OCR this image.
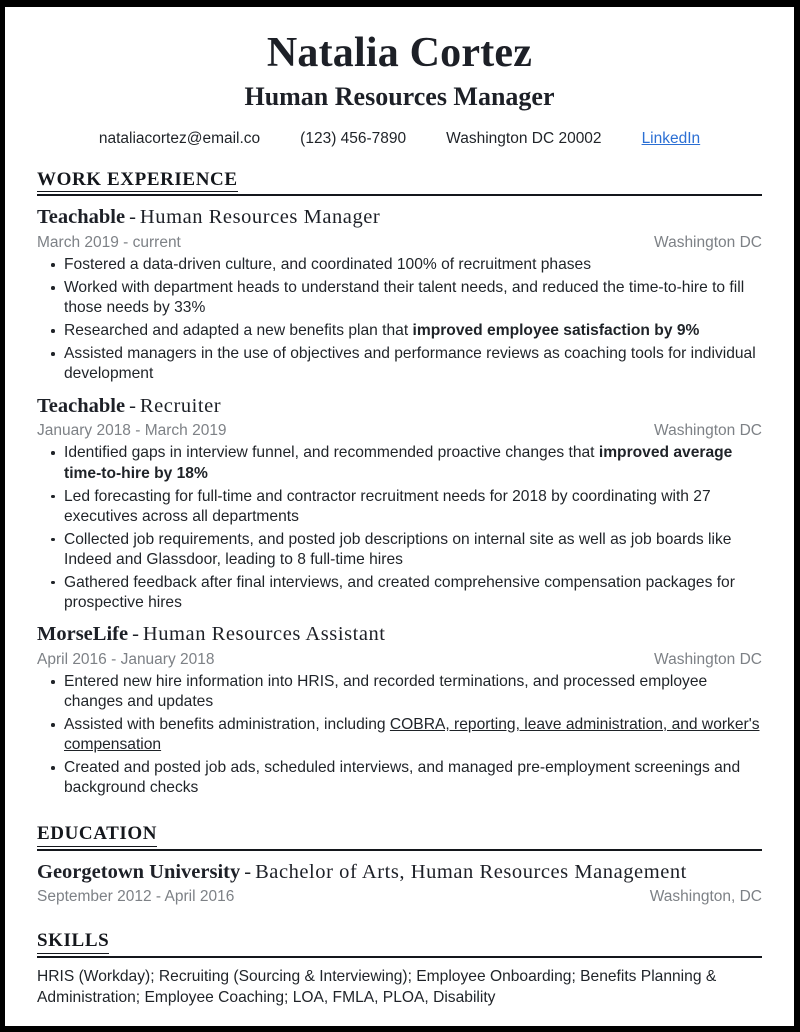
Natalia Cortez
Human Resources Manager
nataliacortez@email.co	(123) 456-7890	Washington DC 20002	LinkedIn
WORK EXPERIENCE
Teachable - Human Resources Manager
March 2019 - current	Washington DC
Fostered a data-driven culture, and coordinated 100% of recruitment phases
Worked with department heads to understand their talent needs, and reduced the time-to-hire to fill those needs by 33%
Researched and adapted a new benefits plan that improved employee satisfaction by 9%
Assisted managers in the use of objectives and performance reviews as coaching tools for individual development
Teachable - Recruiter
January 2018 - March 2019	Washington DC
Identified gaps in interview funnel, and recommended proactive changes that improved average time-to-hire by 18%
Led forecasting for full-time and contractor recruitment needs for 2018 by coordinating with 27 executives across all departments
Collected job requirements, and posted job descriptions on internal site as well as job boards like Indeed and Glassdoor, leading to 8 full-time hires
Gathered feedback after final interviews, and created comprehensive compensation packages for prospective hires
MorseLife - Human Resources Assistant
April 2016 - January 2018	Washington DC
Entered new hire information into HRIS, and recorded terminations, and processed employee changes and updates
Assisted with benefits administration, including COBRA, reporting, leave administration, and worker's compensation
Created and posted job ads, scheduled interviews, and managed pre-employment screenings and background checks
EDUCATION
Georgetown University - Bachelor of Arts, Human Resources Management
September 2012 - April 2016	Washington, DC
SKILLS
HRIS (Workday); Recruiting (Sourcing & Interviewing); Employee Onboarding; Benefits Planning & Administration; Employee Coaching; LOA, FMLA, PLOA, Disability
